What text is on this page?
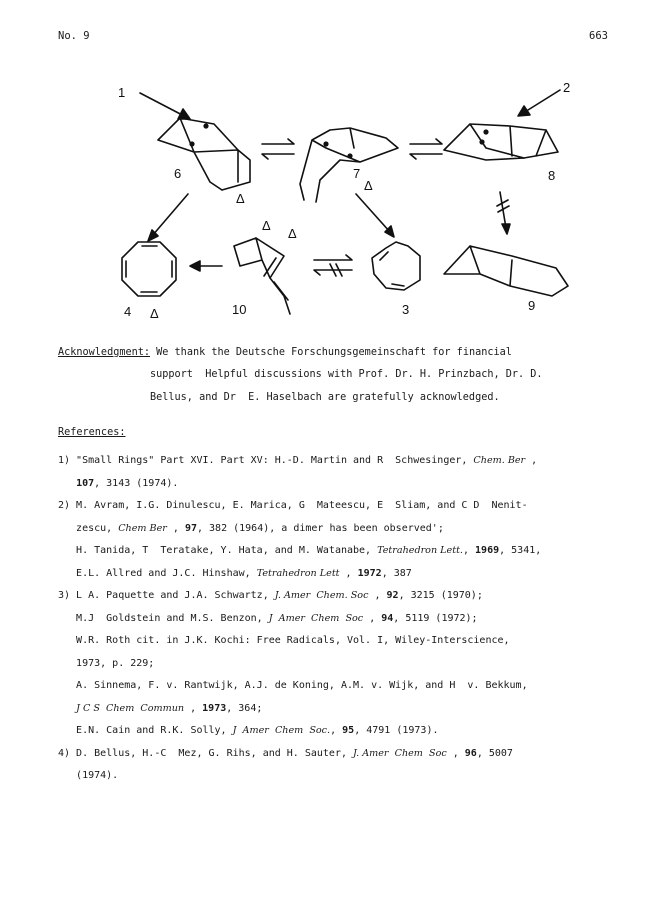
No. 9	663
1	2
6	7	8
4	10	3	9
Δ
Δ
Δ
Δ
Δ
Acknowledgment: We thank the Deutsche Forschungsgemeinschaft for financial
support  Helpful discussions with Prof. Dr. H. Prinzbach, Dr. D.
Bellus, and Dr  E. Haselbach are gratefully acknowledged.
References:
1) "Small Rings" Part XVI. Part XV: H.-D. Martin and R  Schwesinger, Chem. Ber ,
107, 3143 (1974).
2) M. Avram, I.G. Dinulescu, E. Marica, G  Mateescu, E  Sliam, and C D  Nenit-
zescu, Chem Ber , 97, 382 (1964), a dimer has been observed';
H. Tanida, T  Teratake, Y. Hata, and M. Watanabe, Tetrahedron Lett., 1969, 5341,
E.L. Allred and J.C. Hinshaw, Tetrahedron Lett , 1972, 387
3) L A. Paquette and J.A. Schwartz, J. Amer  Chem. Soc , 92, 3215 (1970);
M.J  Goldstein and M.S. Benzon, J  Amer  Chem  Soc , 94, 5119 (1972);
W.R. Roth cit. in J.K. Kochi: Free Radicals, Vol. I, Wiley-Interscience,
1973, p. 229;
A. Sinnema, F. v. Rantwijk, A.J. de Koning, A.M. v. Wijk, and H  v. Bekkum,
J C S  Chem  Commun , 1973, 364;
E.N. Cain and R.K. Solly, J  Amer  Chem  Soc., 95, 4791 (1973).
4) D. Bellus, H.-C  Mez, G. Rihs, and H. Sauter, J. Amer  Chem  Soc , 96, 5007
(1974).
